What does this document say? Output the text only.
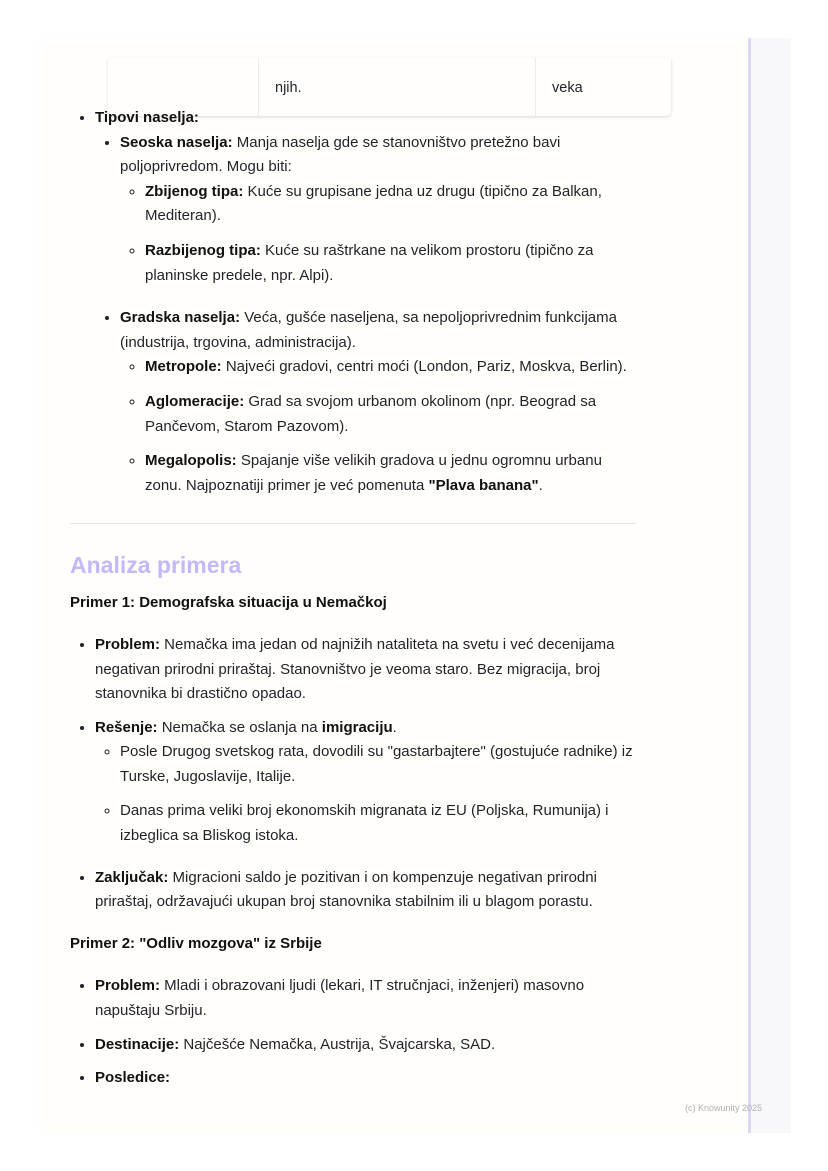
njih.	veka
• Tipovi naselja:
• Seoska naselja: Manja naselja gde se stanovništvo pretežno bavi poljoprivredom. Mogu biti:
◦ Zbijenog tipa: Kuće su grupisane jedna uz drugu (tipično za Balkan, Mediteran).
◦ Razbijenog tipa: Kuće su raštrkane na velikom prostoru (tipično za planinske predele, npr. Alpi).
• Gradska naselja: Veća, gušće naseljena, sa nepoljoprivrednim funkcijama (industrija, trgovina, administracija).
◦ Metropole: Najveći gradovi, centri moći (London, Pariz, Moskva, Berlin).
◦ Aglomeracije: Grad sa svojom urbanom okolinom (npr. Beograd sa Pančevom, Starom Pazovom).
◦ Megalopolis: Spajanje više velikih gradova u jednu ogromnu urbanu zonu. Najpoznatiji primer je već pomenuta "Plava banana".
Analiza primera
Primer 1: Demografska situacija u Nemačkoj
• Problem: Nemačka ima jedan od najnižih nataliteta na svetu i već decenijama negativan prirodni priraštaj. Stanovništvo je veoma staro. Bez migracija, broj stanovnika bi drastično opadao.
• Rešenje: Nemačka se oslanja na imigraciju.
◦ Posle Drugog svetskog rata, dovodili su "gastarbajtere" (gostujuće radnike) iz Turske, Jugoslavije, Italije.
◦ Danas prima veliki broj ekonomskih migranata iz EU (Poljska, Rumunija) i izbeglica sa Bliskog istoka.
• Zaključak: Migracioni saldo je pozitivan i on kompenzuje negativan prirodni priraštaj, održavajući ukupan broj stanovnika stabilnim ili u blagom porastu.
Primer 2: "Odliv mozgova" iz Srbije
• Problem: Mladi i obrazovani ljudi (lekari, IT stručnjaci, inženjeri) masovno napuštaju Srbiju.
• Destinacije: Najčešće Nemačka, Austrija, Švajcarska, SAD.
• Posledice:
(c) Knowunity 2025
